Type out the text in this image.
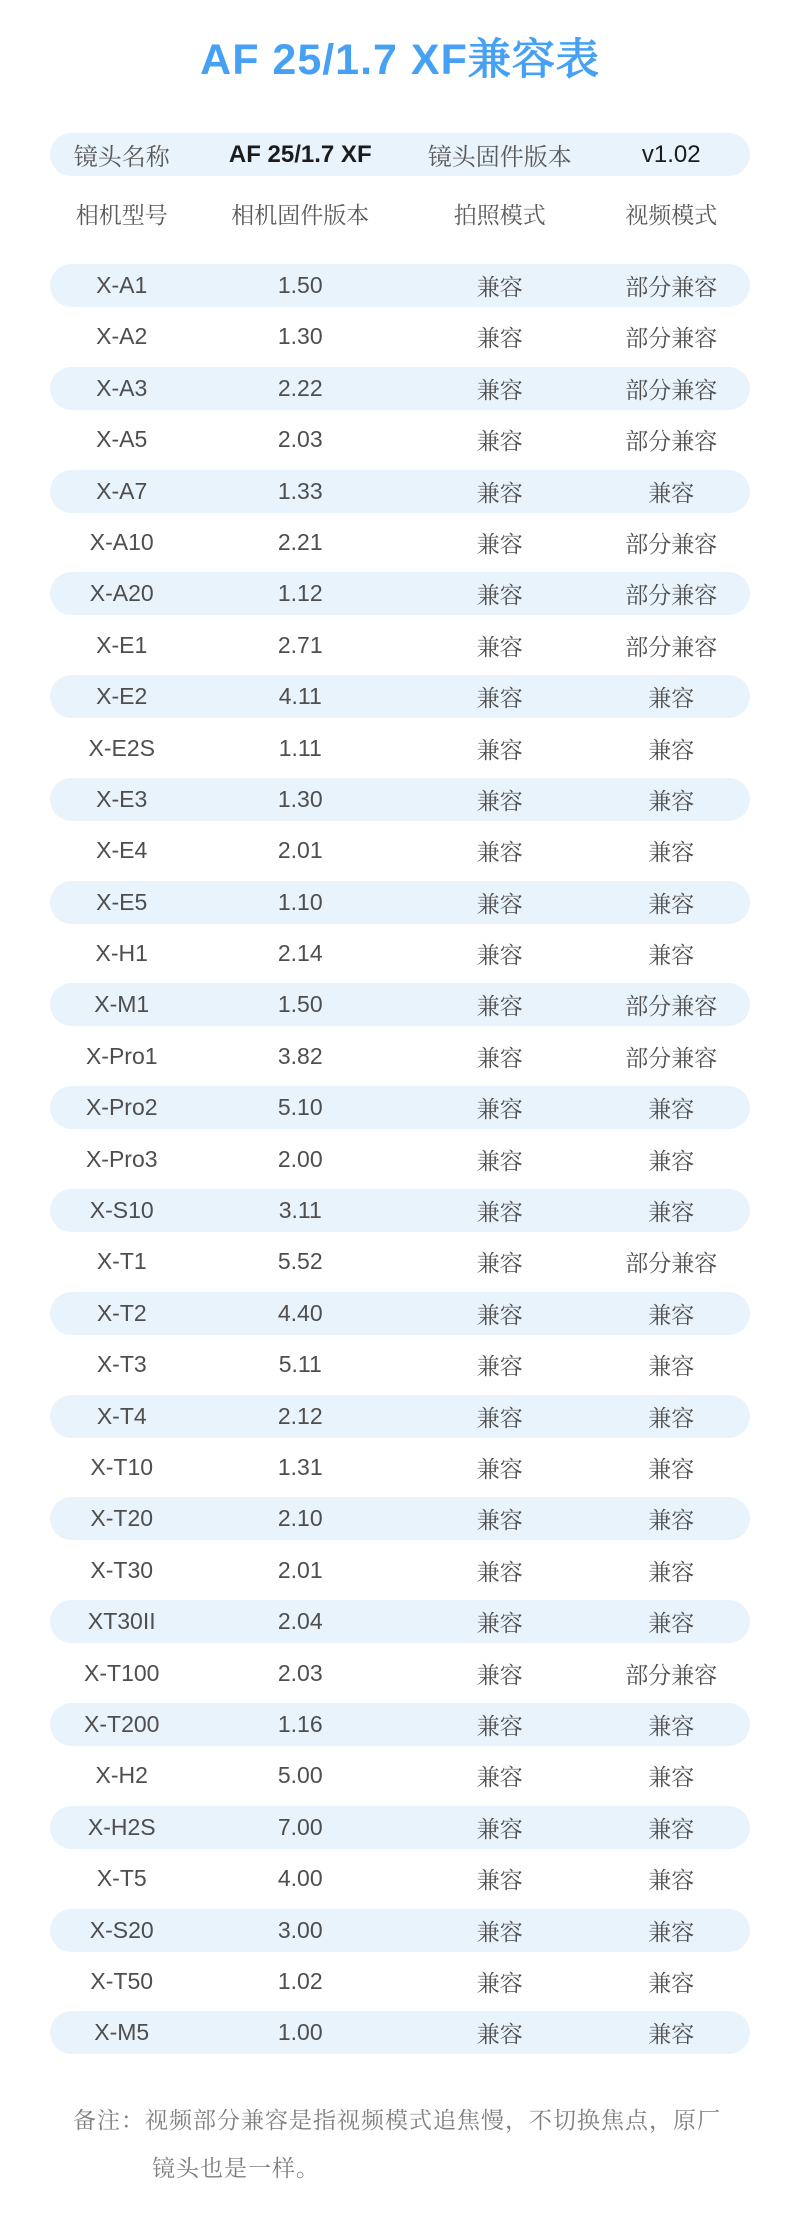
AF 25/1.7 XF兼容表
镜头名称	AF 25/1.7 XF	镜头固件版本	v1.02
相机型号	相机固件版本	拍照模式	视频模式
X-A1	1.50	兼容	部分兼容
X-A2	1.30	兼容	部分兼容
X-A3	2.22	兼容	部分兼容
X-A5	2.03	兼容	部分兼容
X-A7	1.33	兼容	兼容
X-A10	2.21	兼容	部分兼容
X-A20	1.12	兼容	部分兼容
X-E1	2.71	兼容	部分兼容
X-E2	4.11	兼容	兼容
X-E2S	1.11	兼容	兼容
X-E3	1.30	兼容	兼容
X-E4	2.01	兼容	兼容
X-E5	1.10	兼容	兼容
X-H1	2.14	兼容	兼容
X-M1	1.50	兼容	部分兼容
X-Pro1	3.82	兼容	部分兼容
X-Pro2	5.10	兼容	兼容
X-Pro3	2.00	兼容	兼容
X-S10	3.11	兼容	兼容
X-T1	5.52	兼容	部分兼容
X-T2	4.40	兼容	兼容
X-T3	5.11	兼容	兼容
X-T4	2.12	兼容	兼容
X-T10	1.31	兼容	兼容
X-T20	2.10	兼容	兼容
X-T30	2.01	兼容	兼容
XT30II	2.04	兼容	兼容
X-T100	2.03	兼容	部分兼容
X-T200	1.16	兼容	兼容
X-H2	5.00	兼容	兼容
X-H2S	7.00	兼容	兼容
X-T5	4.00	兼容	兼容
X-S20	3.00	兼容	兼容
X-T50	1.02	兼容	兼容
X-M5	1.00	兼容	兼容
备注：视频部分兼容是指视频模式追焦慢，不切换焦点，原厂
镜头也是一样。
